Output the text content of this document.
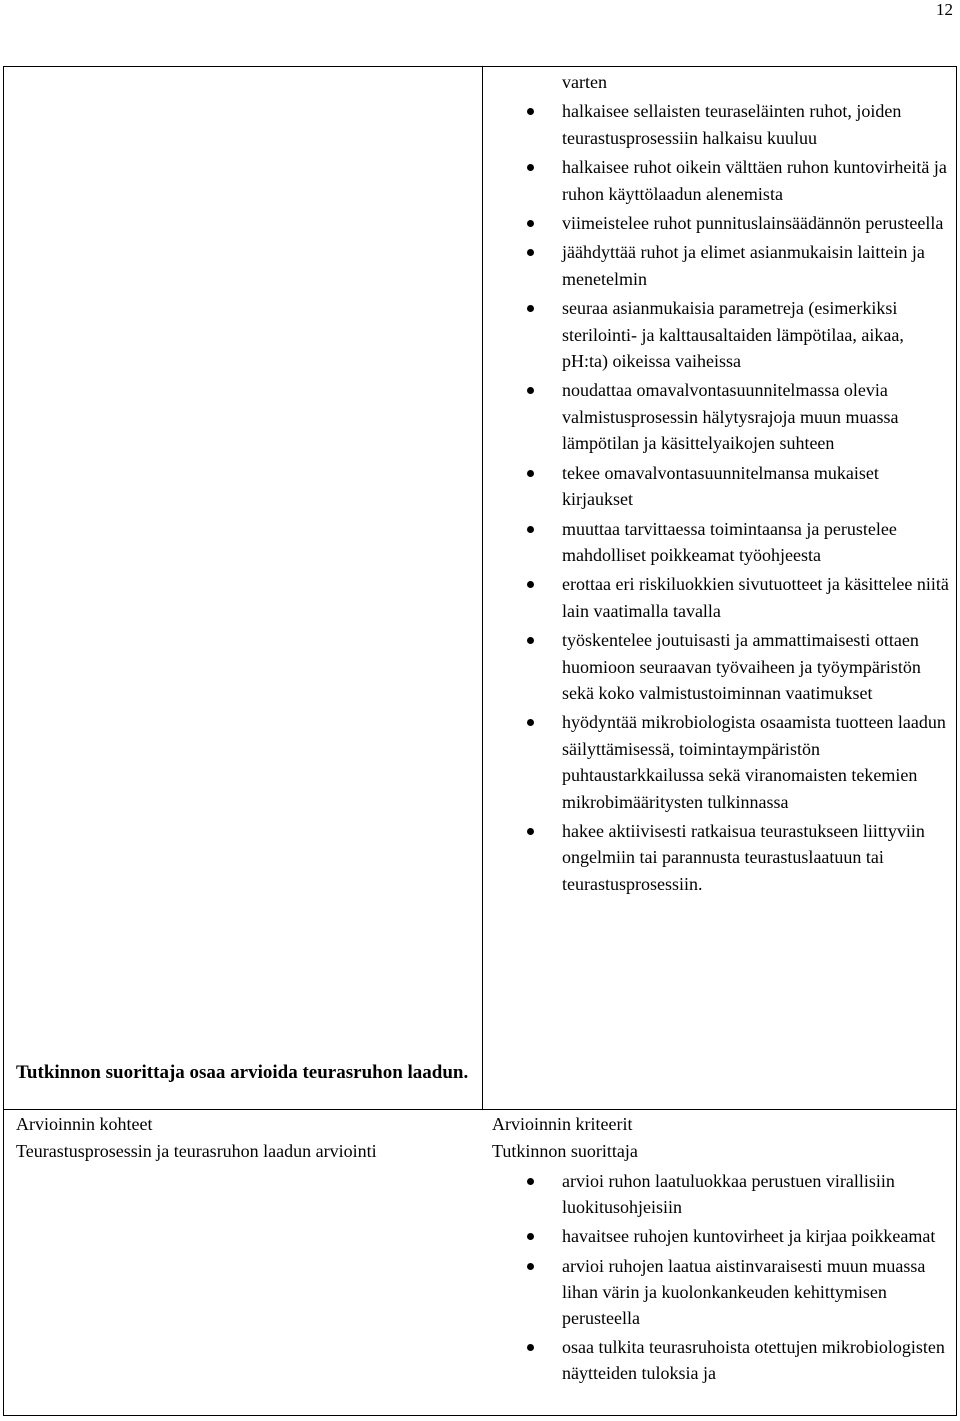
12
varten
halkaisee sellaisten teuraseläinten ruhot, joiden teurastusprosessiin halkaisu kuuluu
halkaisee ruhot oikein välttäen ruhon kuntovirheitä ja ruhon käyttölaadun alenemista
viimeistelee ruhot punnituslainsäädännön perusteella
jäähdyttää ruhot ja elimet asianmukaisin laittein ja menetelmin
seuraa asianmukaisia parametreja (esimerkiksi sterilointi- ja kalttausaltaiden lämpötilaa, aikaa, pH:ta) oikeissa vaiheissa
noudattaa omavalvontasuunnitelmassa olevia valmistusprosessin hälytysrajoja muun muassa lämpötilan ja käsittelyaikojen suhteen
tekee omavalvontasuunnitelmansa mukaiset kirjaukset
muuttaa tarvittaessa toimintaansa ja perustelee mahdolliset poikkeamat työohjeesta
erottaa eri riskiluokkien sivutuotteet ja käsittelee niitä lain vaatimalla tavalla
työskentelee joutuisasti ja ammattimaisesti ottaen huomioon seuraavan työvaiheen ja työympäristön sekä koko valmistustoiminnan vaatimukset
hyödyntää mikrobiologista osaamista tuotteen laadun säilyttämisessä, toimintaympäristön puhtaustarkkailussa sekä viranomaisten tekemien mikrobimääritysten tulkinnassa
hakee aktiivisesti ratkaisua teurastukseen liittyviin ongelmiin tai parannusta teurastuslaatuun tai teurastusprosessiin.
Tutkinnon suorittaja osaa arvioida teurasruhon laadun.
Arvioinnin kohteet
Teurastusprosessin ja teurasruhon laadun arviointi
Arvioinnin kriteerit
Tutkinnon suorittaja
arvioi ruhon laatuluokkaa perustuen virallisiin luokitusohjeisiin
havaitsee ruhojen kuntovirheet ja kirjaa poikkeamat
arvioi ruhojen laatua aistinvaraisesti muun muassa lihan värin ja kuolonkankeuden kehittymisen perusteella
osaa tulkita teurasruhoista otettujen mikrobiologisten näytteiden tuloksia ja
